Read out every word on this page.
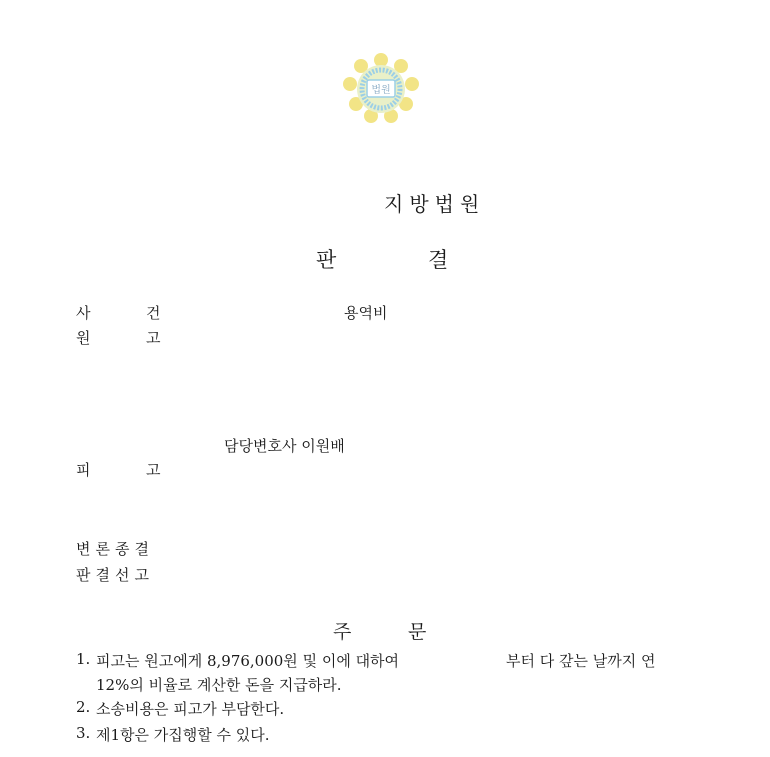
법원
지방법원
판	결
사	건	용역비
원	고
담당변호사 이원배
피	고
변론종결
판결선고
주	문
1. 피고는 원고에게 8,976,000원 및 이에 대하여	부터 다 갚는 날까지 연
12%의 비율로 계산한 돈을 지급하라.
2. 소송비용은 피고가 부담한다.
3. 제1항은 가집행할 수 있다.
